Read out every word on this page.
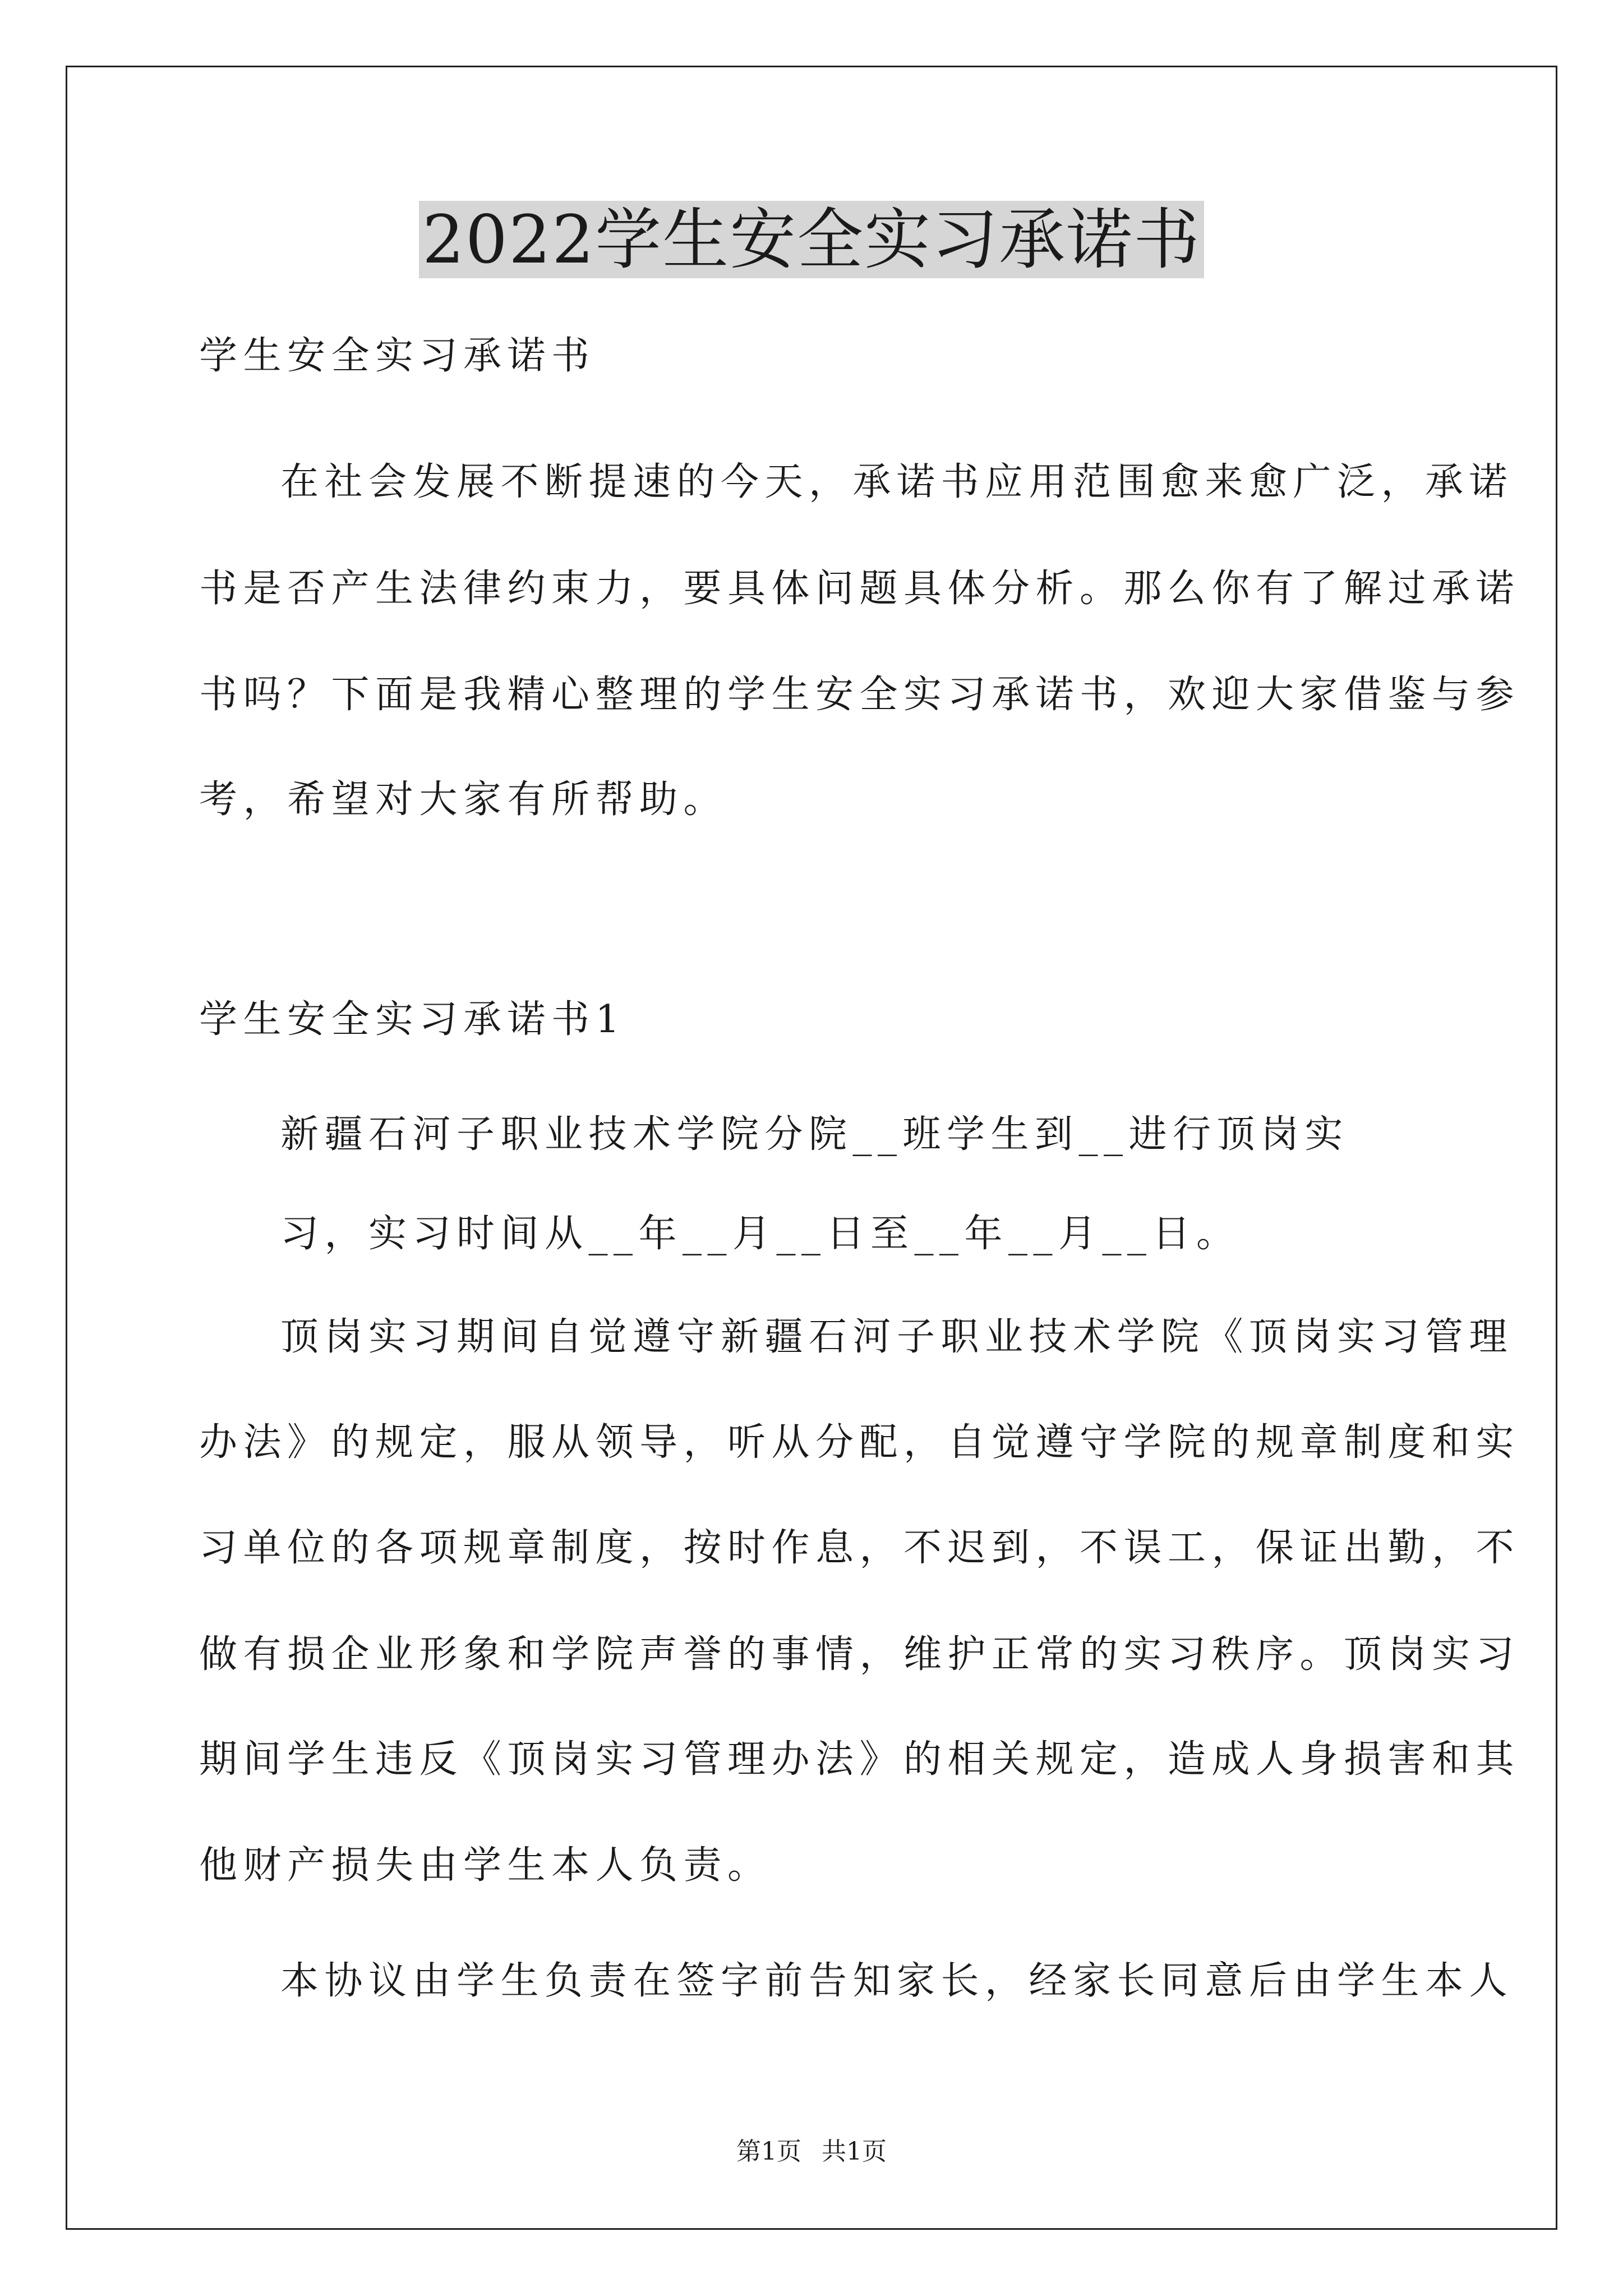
2022学生安全实习承诺书
学生安全实习承诺书
在社会发展不断提速的今天，承诺书应用范围愈来愈广泛，承诺
书是否产生法律约束力，要具体问题具体分析。那么你有了解过承诺
书吗？下面是我精心整理的学生安全实习承诺书，欢迎大家借鉴与参
考，希望对大家有所帮助。
学生安全实习承诺书1
新疆石河子职业技术学院分院__班学生到__进行顶岗实
习，实习时间从__年__月__日至__年__月__日。
顶岗实习期间自觉遵守新疆石河子职业技术学院《顶岗实习管理
办法》的规定，服从领导，听从分配，自觉遵守学院的规章制度和实
习单位的各项规章制度，按时作息，不迟到，不误工，保证出勤，不
做有损企业形象和学院声誉的事情，维护正常的实习秩序。顶岗实习
期间学生违反《顶岗实习管理办法》的相关规定，造成人身损害和其
他财产损失由学生本人负责。
本协议由学生负责在签字前告知家长，经家长同意后由学生本人
第1页 共1页
